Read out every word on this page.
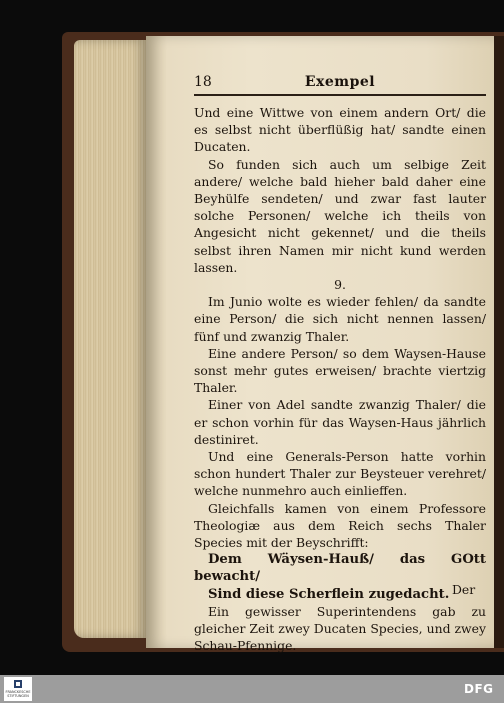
18	Exempel

Und eine Wittwe von einem andern Ort/ die es selbst nicht überflüßig hat/ sandte einen Ducaten.

So funden sich auch um selbige Zeit andere/ welche bald hieher bald daher eine Beyhülfe sendeten/ und zwar fast lauter solche Personen/ welche ich theils von Angesicht nicht gekennet/ und die theils selbst ihren Namen mir nicht kund werden lassen.

9.

Im Junio wolte es wieder fehlen/ da sandte eine Person/ die sich nicht nennen lassen/ fünf und zwanzig Thaler.

Eine andere Person/ so dem Waysen-Hause sonst mehr gutes erweisen/ brachte viertzig Thaler.

Einer von Adel sandte zwanzig Thaler/ die er schon vorhin für das Waysen-Haus jährlich destiniret.

Und eine Generals-Person hatte vorhin schon hundert Thaler zur Beysteuer verehret/ welche nunmehro auch einlieffen.

Gleichfalls kamen von einem Professore Theologiæ aus dem Reich sechs Thaler Species mit der Beyschrifft:

Dem Wäysen-Hauß/ das GOtt bewacht/

Sind diese Scherflein zugedacht.

Ein gewisser Superintendens gab zu gleicher Zeit zwey Ducaten Species, und zwey Schau-Pfennige.

Der
FRANCKESCHE STIFTUNGEN	DFG
